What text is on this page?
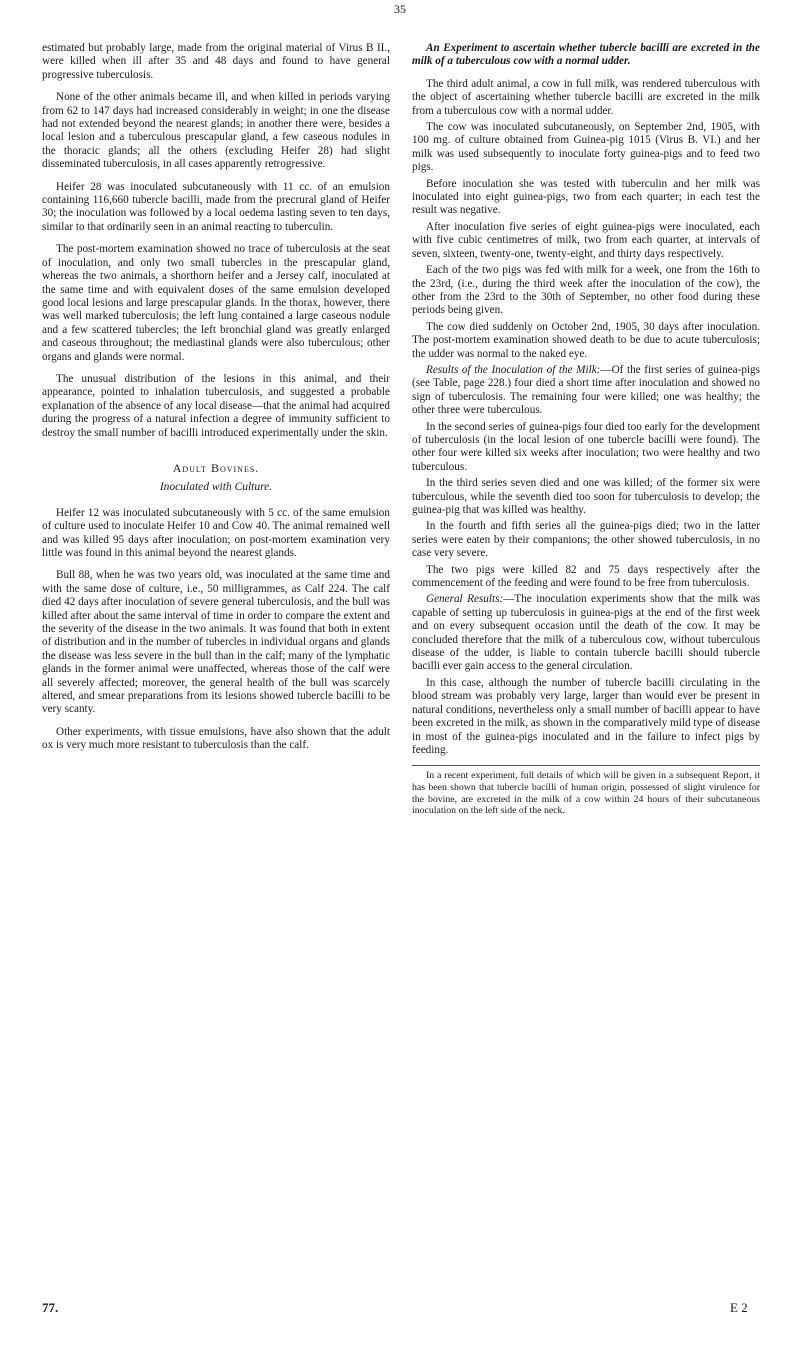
35

estimated but probably large, made from the original material of Virus B II., were killed when ill after 35 and 48 days and found to have general progressive tuberculosis.

None of the other animals became ill, and when killed in periods varying from 62 to 147 days had increased considerably in weight; in one the disease had not extended beyond the nearest glands; in another there were, besides a local lesion and a tuberculous prescapular gland, a few caseous nodules in the thoracic glands; all the others (excluding Heifer 28) had slight disseminated tuberculosis, in all cases apparently retrogressive.

Heifer 28 was inoculated subcutaneously with 11 cc. of an emulsion containing 116,660 tubercle bacilli, made from the precrural gland of Heifer 30; the inoculation was followed by a local oedema lasting seven to ten days, similar to that ordinarily seen in an animal reacting to tuberculin.

The post-mortem examination showed no trace of tuberculosis at the seat of inoculation, and only two small tubercles in the prescapular gland, whereas the two animals, a shorthorn heifer and a Jersey calf, inoculated at the same time and with equivalent doses of the same emulsion developed good local lesions and large prescapular glands. In the thorax, however, there was well marked tuberculosis; the left lung contained a large caseous nodule and a few scattered tubercles; the left bronchial gland was greatly enlarged and caseous throughout; the mediastinal glands were also tuberculous; other organs and glands were normal.

The unusual distribution of the lesions in this animal, and their appearance, pointed to inhalation tuberculosis, and suggested a probable explanation of the absence of any local disease—that the animal had acquired during the progress of a natural infection a degree of immunity sufficient to destroy the small number of bacilli introduced experimentally under the skin.

Adult Bovines.
Inoculated with Culture.

Heifer 12 was inoculated subcutaneously with 5 cc. of the same emulsion of culture used to inoculate Heifer 10 and Cow 40. The animal remained well and was killed 95 days after inoculation; on post-mortem examination very little was found in this animal beyond the nearest glands.

Bull 88, when he was two years old, was inoculated at the same time and with the same dose of culture, i.e., 50 milligrammes, as Calf 224. The calf died 42 days after inoculation of severe general tuberculosis, and the bull was killed after about the same interval of time in order to compare the extent and the severity of the disease in the two animals. It was found that both in extent of distribution and in the number of tubercles in individual organs and glands the disease was less severe in the bull than in the calf; many of the lymphatic glands in the former animal were unaffected, whereas those of the calf were all severely affected; moreover, the general health of the bull was scarcely altered, and smear preparations from its lesions showed tubercle bacilli to be very scanty.

Other experiments, with tissue emulsions, have also shown that the adult ox is very much more resistant to tuberculosis than the calf.

An Experiment to ascertain whether tubercle bacilli are excreted in the milk of a tuberculous cow with a normal udder.

The third adult animal, a cow in full milk, was rendered tuberculous with the object of ascertaining whether tubercle bacilli are excreted in the milk from a tuberculous cow with a normal udder.

The cow was inoculated subcutaneously, on September 2nd, 1905, with 100 mg. of culture obtained from Guinea-pig 1015 (Virus B. VI.) and her milk was used subsequently to inoculate forty guinea-pigs and to feed two pigs.

Before inoculation she was tested with tuberculin and her milk was inoculated into eight guinea-pigs, two from each quarter; in each test the result was negative.

After inoculation five series of eight guinea-pigs were inoculated, each with five cubic centimetres of milk, two from each quarter, at intervals of seven, sixteen, twenty-one, twenty-eight, and thirty days respectively.

Each of the two pigs was fed with milk for a week, one from the 16th to the 23rd, (i.e., during the third week after the inoculation of the cow), the other from the 23rd to the 30th of September, no other food during these periods being given.

The cow died suddenly on October 2nd, 1905, 30 days after inoculation. The post-mortem examination showed death to be due to acute tuberculosis; the udder was normal to the naked eye.

Results of the Inoculation of the Milk:—Of the first series of guinea-pigs (see Table, page 228.) four died a short time after inoculation and showed no sign of tuberculosis. The remaining four were killed; one was healthy; the other three were tuberculous.

In the second series of guinea-pigs four died too early for the development of tuberculosis (in the local lesion of one tubercle bacilli were found). The other four were killed six weeks after inoculation; two were healthy and two tuberculous.

In the third series seven died and one was killed; of the former six were tuberculous, while the seventh died too soon for tuberculosis to develop; the guinea-pig that was killed was healthy.

In the fourth and fifth series all the guinea-pigs died; two in the latter series were eaten by their companions; the other showed tuberculosis, in no case very severe.

The two pigs were killed 82 and 75 days respectively after the commencement of the feeding and were found to be free from tuberculosis.

General Results:—The inoculation experiments show that the milk was capable of setting up tuberculosis in guinea-pigs at the end of the first week and on every subsequent occasion until the death of the cow. It may be concluded therefore that the milk of a tuberculous cow, without tuberculous disease of the udder, is liable to contain tubercle bacilli should tubercle bacilli ever gain access to the general circulation.

In this case, although the number of tubercle bacilli circulating in the blood stream was probably very large, larger than would ever be present in natural conditions, nevertheless only a small number of bacilli appear to have been excreted in the milk, as shown in the comparatively mild type of disease in most of the guinea-pigs inoculated and in the failure to infect pigs by feeding.

In a recent experiment, full details of which will be given in a subsequent Report, it has been shown that tubercle bacilli of human origin, possessed of slight virulence for the bovine, are excreted in the milk of a cow within 24 hours of their subcutaneous inoculation on the left side of the neck.

77.	E 2
